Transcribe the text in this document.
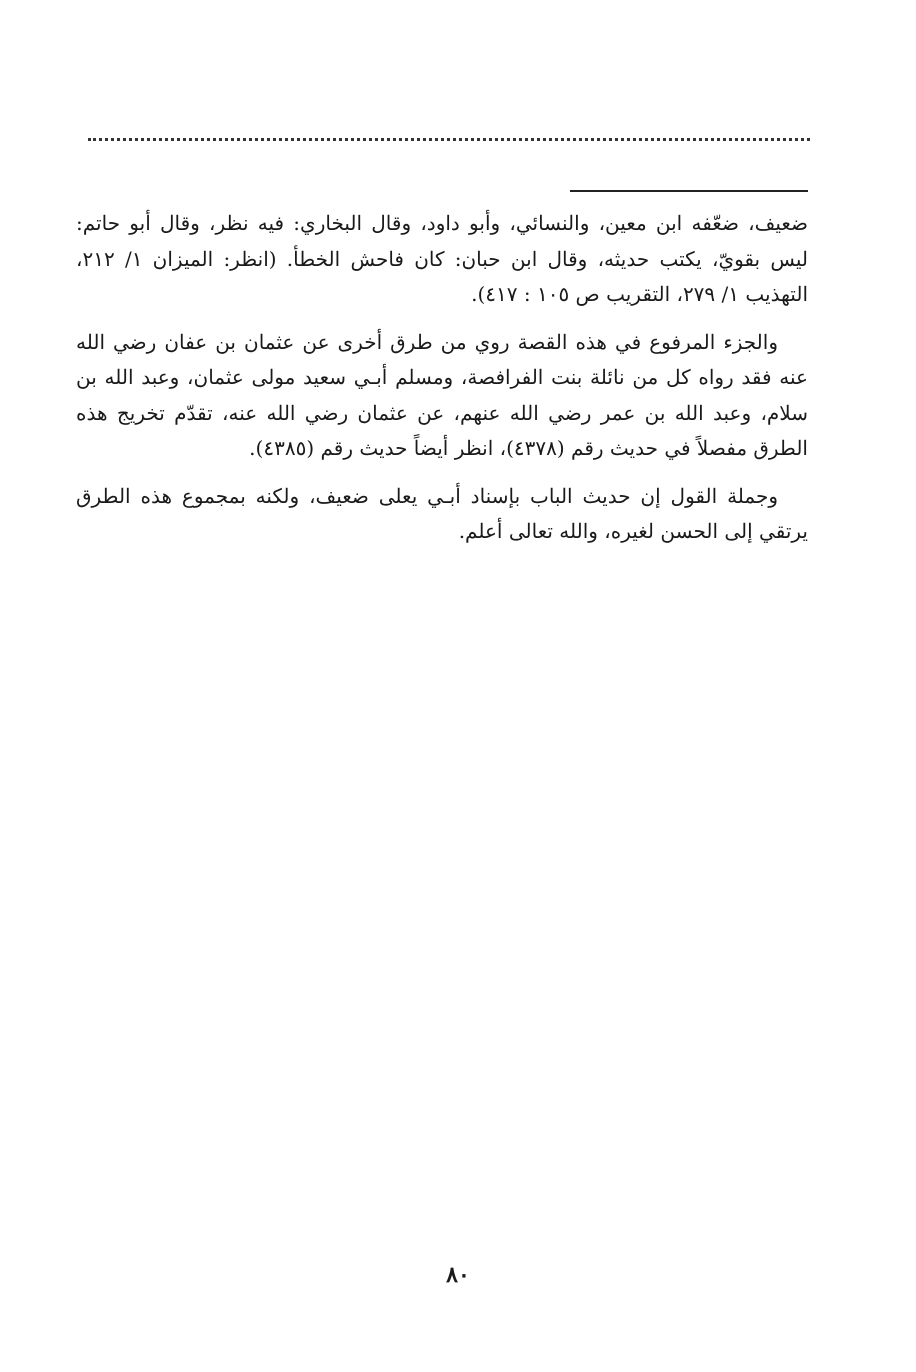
ضعيف، ضعّفه ابن معين، والنسائي، وأبو داود، وقال البخاري: فيه نظر، وقال أبو حاتم: ليس بقويّ، يكتب حديثه، وقال ابن حبان: كان فاحش الخطأ. (انظر: الميزان ١/ ٢١٢، التهذيب ١/ ٢٧٩، التقريب ص ١٠٥ : ٤١٧).

والجزء المرفوع في هذه القصة روي من طرق أخرى عن عثمان بن عفان رضي الله عنه فقد رواه كل من نائلة بنت الفرافصة، ومسلم أبـي سعيد مولى عثمان، وعبد الله بن سلام، وعبد الله بن عمر رضي الله عنهم، عن عثمان رضي الله عنه، تقدّم تخريج هذه الطرق مفصلاً في حديث رقم (٤٣٧٨)، انظر أيضاً حديث رقم (٤٣٨٥).

وجملة القول إن حديث الباب بإسناد أبـي يعلى ضعيف، ولكنه بمجموع هذه الطرق يرتقي إلى الحسن لغيره، والله تعالى أعلم.

٨٠
